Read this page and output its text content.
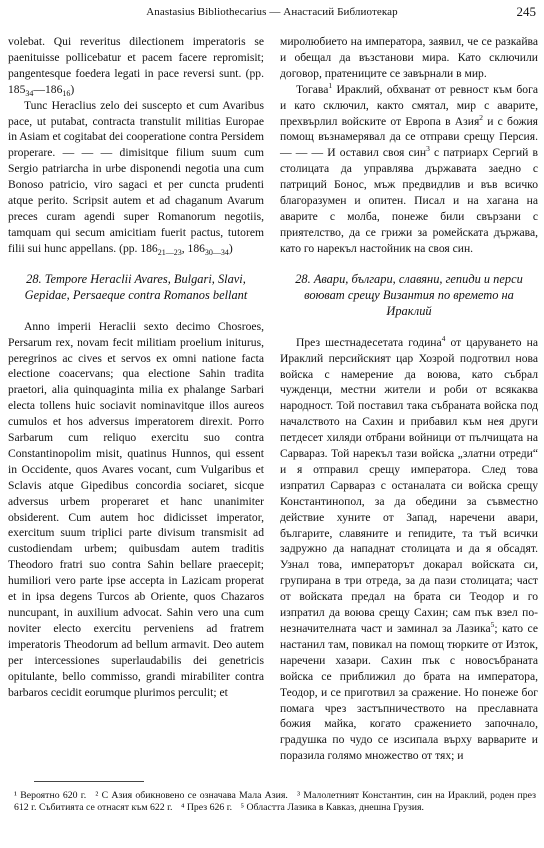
Anastasius Bibliothecarius — Анастасий Библиотекар	245

volebat. Qui reveritus dilectionem imperatoris se paenituisse pollicebatur et pacem facere repromisit; pangentesque foedera legati in pace reversi sunt. (pp. $185_{34}—186_{16}$)

Tunc Heraclius zelo dei suscepto et cum Avaribus pace, ut putabat, contracta transtulit militias Europae in Asiam et cogitabat dei cooperatione contra Persidem properare. — — — dimisitque filium suum cum Sergio patriarcha in urbe disponendi negotia una cum Bonoso patricio, viro sagaci et per cuncta prudenti atque perito. Scripsit autem et ad chaganum Avarum preces curam agendi super Romanorum negotiis, tamquam qui secum amicitiam fuerit pactus, tutorem filii sui hunc appellans. (pp. $186_{21—23}$, $186_{30—34}$)

28. Tempore Heraclii Avares, Bulgari, Slavi, Gepidae, Persaeque contra Romanos bellant

Anno imperii Heraclii sexto decimo Chosroes, Persarum rex, novam fecit militiam proelium initurus, peregrinos ac cives et servos ex omni natione facta electione coacervans; qua electione Sahin tradita praetori, alia quinquaginta milia ex phalange Sarbari electa tollens huic sociavit nominavitque illos aureos cumulos et hos adversus imperatorem direxit. Porro Sarbarum cum reliquo exercitu suo contra Constantinopolim misit, quatinus Hunnos, qui essent in Occidente, quos Avares vocant, cum Vulgaribus et Sclavis atque Gipedibus concordia sociaret, sicque adversus urbem properaret et hanc unanimiter obsiderent. Cum autem hoc didicisset imperator, exercitum suum triplici parte divisum transmisit ad custodiendam urbem; quibusdam autem traditis Theodoro fratri suo contra Sahin bellare praecepit; humiliori vero parte ipse accepta in Lazicam properat et in ipsa degens Turcos ab Oriente, quos Chazaros nuncupant, in auxilium advocat. Sahin vero una cum noviter electo exercitu perveniens ad fratrem imperatoris Theodorum ad bellum armavit. Deo autem per intercessiones superlaudabilis dei genetricis opitulante, bello commisso, grandi mirabiliter contra barbaros cecidit eorumque plurimos perculit; et

миролюбието на императора, заявил, че се разкайва и обещал да възстанови мира. Като сключили договор, пратениците се завърнали в мир.

Тогава$^1$ Ираклий, обхванат от ревност към бога и като сключил, както смятал, мир с аварите, прехвърлил войските от Европа в Азия$^2$ и с божия помощ възнамерявал да се отправи срещу Персия. — — — И оставил своя син$^3$ с патриарх Сергий в столицата да управлява държавата заедно с патриций Бонос, мъж предвидлив и във всичко благоразумен и опитен. Писал и на хагана на аварите с молба, понеже били свързани с приятелство, да се грижи за ромейската държава, като го нарекъл настойник на своя син.

28. Авари, българи, славяни, гепиди и перси воюват срещу Византия по времето на Ираклий

През шестнадесетата година$^4$ от царуването на Ираклий персийският цар Хозрой подготвил нова войска с намерение да воюва, като събрал чужденци, местни жители и роби от всякаква народност. Той поставил така събраната войска под началството на Сахин и прибавил към нея други петдесет хиляди отбрани войници от пълчищата на Сарвараз. Той нарекъл тази войска „златни отреди“ и я отправил срещу императора. След това изпратил Сарвараз с останалата си войска срещу Константинопол, за да обедини за съвместно действие хуните от Запад, наречени авари, българите, славяните и гепидите, та тъй всички задружно да нападнат столицата и да я обсадят. Узнал това, императорът докарал войската си, групирана в три отреда, за да пази столицата; част от войската предал на брата си Теодор и го изпратил да воюва срещу Сахин; сам пък взел по-незначителната част и заминал за Лазика$^5$; като се настанил там, повикал на помощ тюрките от Изток, наречени хазари. Сахин пък с новосъбраната войска се приближил до брата на императора, Теодор, и се приготвил за сражение. Но понеже бог помага чрез застъпничеството на преславната божия майка, когато сражението започнало, градушка по чудо се изсипала върху варварите и поразила голямо множество от тях; и

¹ Вероятно 620 г. ² С Азия обикновено се означава Мала Азия. ³ Малолетният Константин, син на Ираклий, роден през 612 г. Събитията се отнасят към 622 г. ⁴ През 626 г. ⁵ Областта Лазика в Кавказ, днешна Грузия.
